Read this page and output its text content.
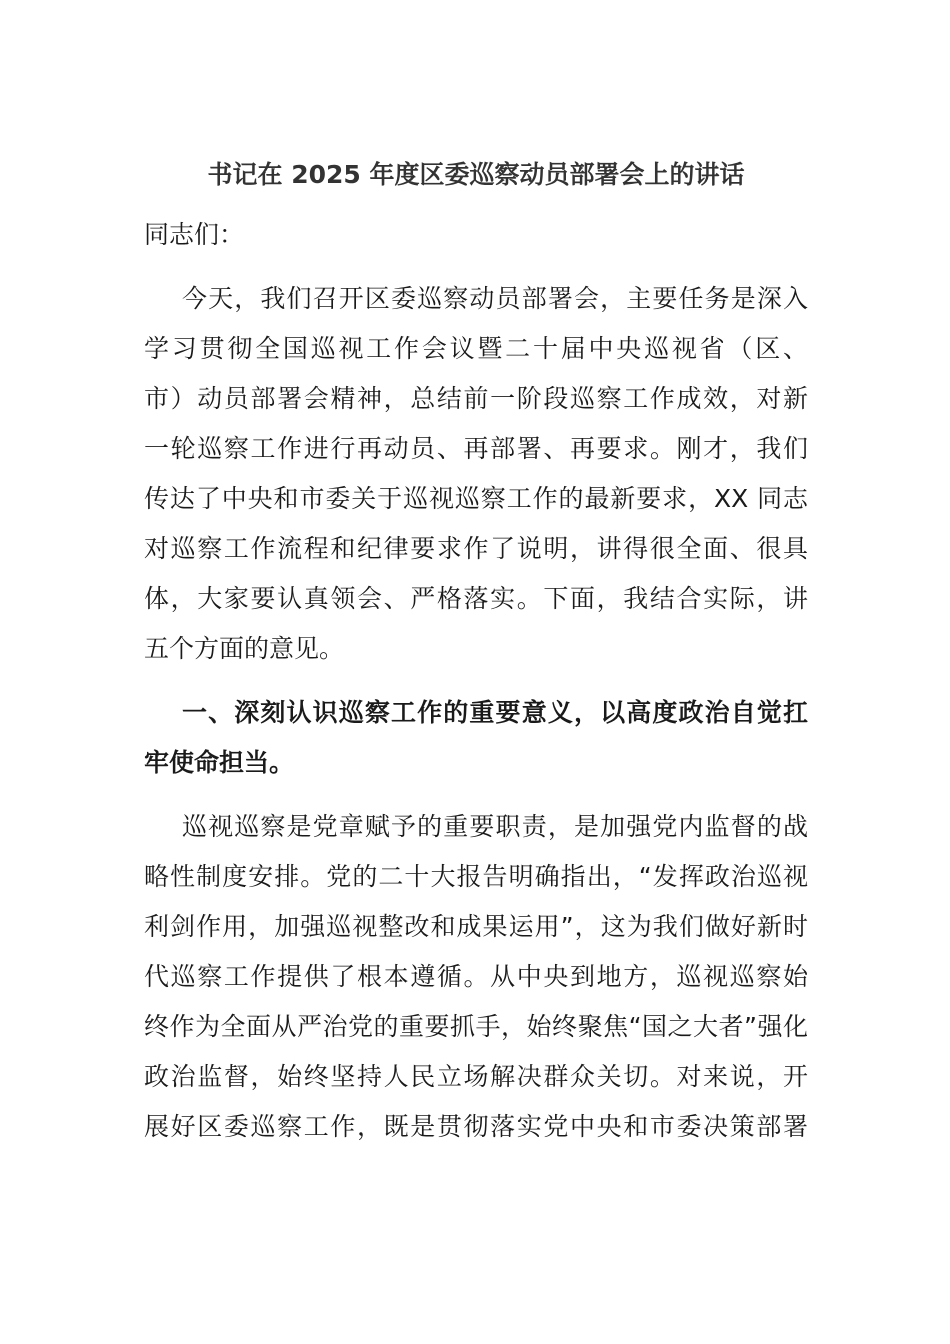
书记在 2025 年度区委巡察动员部署会上的讲话

同志们：

今天，我们召开区委巡察动员部署会，主要任务是深入
学习贯彻全国巡视工作会议暨二十届中央巡视省（区、
市）动员部署会精神，总结前一阶段巡察工作成效，对新
一轮巡察工作进行再动员、再部署、再要求。刚才，我们
传达了中央和市委关于巡视巡察工作的最新要求，XX 同志
对巡察工作流程和纪律要求作了说明，讲得很全面、很具
体，大家要认真领会、严格落实。下面，我结合实际，讲
五个方面的意见。
一、深刻认识巡察工作的重要意义，以高度政治自觉扛
牢使命担当。
巡视巡察是党章赋予的重要职责，是加强党内监督的战
略性制度安排。党的二十大报告明确指出，“发挥政治巡视
利剑作用，加强巡视整改和成果运用”，这为我们做好新时
代巡察工作提供了根本遵循。从中央到地方，巡视巡察始
终作为全面从严治党的重要抓手，始终聚焦“国之大者”强化
政治监督，始终坚持人民立场解决群众关切。对来说，开
展好区委巡察工作，既是贯彻落实党中央和市委决策部署
